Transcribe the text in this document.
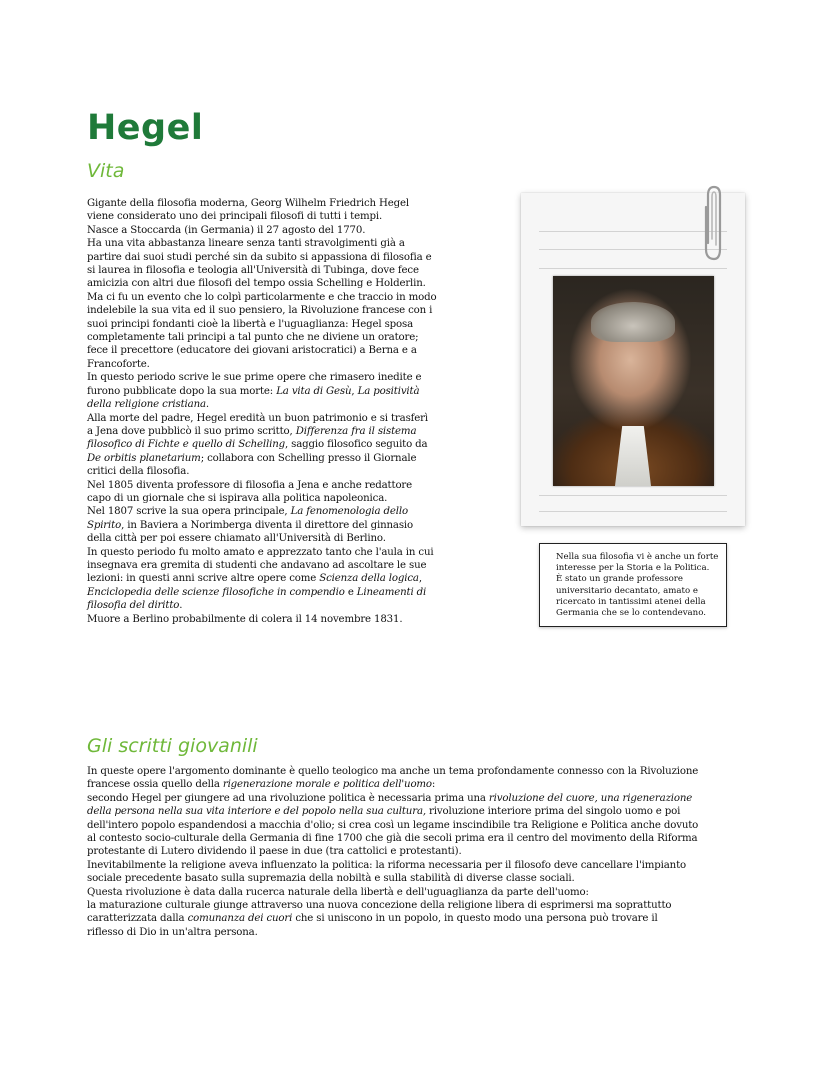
Hegel
Vita
Gigante della filosofia moderna, Georg Wilhelm Friedrich Hegel
viene considerato uno dei principali filosofi di tutti i tempi.
Nasce a Stoccarda (in Germania) il 27 agosto del 1770.
Ha una vita abbastanza lineare senza tanti stravolgimenti già a
partire dai suoi studi perché sin da subito si appassiona di filosofia e
si laurea in filosofia e teologia all'Università di Tubinga, dove fece
amicizia con altri due filosofi del tempo ossia Schelling e Holderlin.
Ma ci fu un evento che lo colpì particolarmente e che traccio in modo
indelebile la sua vita ed il suo pensiero, la Rivoluzione francese con i
suoi principi fondanti cioè la libertà e l'uguaglianza: Hegel sposa
completamente tali principi a tal punto che ne diviene un oratore;
fece il precettore (educatore dei giovani aristocratici) a Berna e a
Francoforte.
In questo periodo scrive le sue prime opere che rimasero inedite e
furono pubblicate dopo la sua morte: La vita di Gesù, La positività
della religione cristiana.
Alla morte del padre, Hegel eredità un buon patrimonio e si trasferì
a Jena dove pubblicò il suo primo scritto, Differenza fra il sistema
filosofico di Fichte e quello di Schelling, saggio filosofico seguito da
De orbitis planetarium; collabora con Schelling presso il Giornale
critici della filosofia.
Nel 1805 diventa professore di filosofia a Jena e anche redattore
capo di un giornale che si ispirava alla politica napoleonica.
Nel 1807 scrive la sua opera principale, La fenomenologia dello
Spirito, in Baviera a Norimberga diventa il direttore del ginnasio
della città per poi essere chiamato all'Università di Berlino.
In questo periodo fu molto amato e apprezzato tanto che l'aula in cui
insegnava era gremita di studenti che andavano ad ascoltare le sue
lezioni: in questi anni scrive altre opere come Scienza della logica,
Enciclopedia delle scienze filosofiche in compendio e Lineamenti di
filosofia del diritto.
Muore a Berlino probabilmente di colera il 14 novembre 1831.
Nella sua filosofia vi è anche un forte
interesse per la Storia e la Politica.
È stato un grande professore
universitario decantato, amato e
ricercato in tantissimi atenei della
Germania che se lo contendevano.
Gli scritti giovanili
In queste opere l'argomento dominante è quello teologico ma anche un tema profondamente connesso con la Rivoluzione
francese ossia quello della rigenerazione morale e politica dell'uomo:
secondo Hegel per giungere ad una rivoluzione politica è necessaria prima una rivoluzione del cuore, una rigenerazione
della persona nella sua vita interiore e del popolo nella sua cultura, rivoluzione interiore prima del singolo uomo e poi
dell'intero popolo espandendosi a macchia d'olio; si crea così un legame inscindibile tra Religione e Politica anche dovuto
al contesto socio-culturale della Germania di fine 1700 che già die secoli prima era il centro del movimento della Riforma
protestante di Lutero dividendo il paese in due (tra cattolici e protestanti).
Inevitabilmente la religione aveva influenzato la politica: la riforma necessaria per il filosofo deve cancellare l'impianto
sociale precedente basato sulla supremazia della nobiltà e sulla stabilità di diverse classe sociali.
Questa rivoluzione è data dalla rucerca naturale della libertà e dell'uguaglianza da parte dell'uomo:
la maturazione culturale giunge attraverso una nuova concezione della religione libera di esprimersi ma soprattutto
caratterizzata dalla comunanza dei cuori che si uniscono in un popolo, in questo modo una persona può trovare il
riflesso di Dio in un'altra persona.
